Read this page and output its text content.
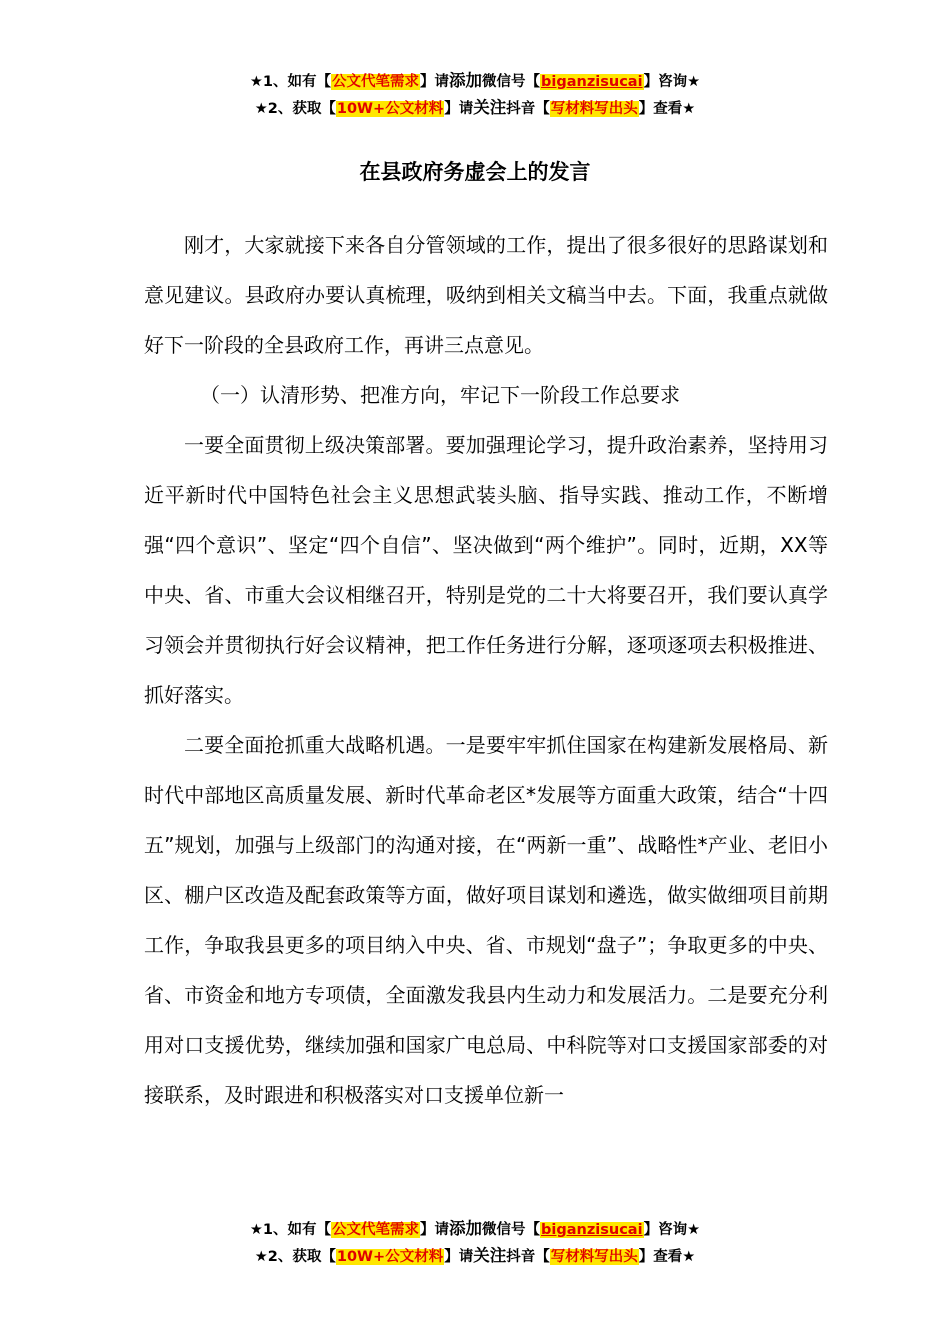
★1、如有【公文代笔需求】请添加微信号【biganzisucai】咨询★
★2、获取【10W+公文材料】请关注抖音【写材料写出头】查看★
在县政府务虚会上的发言

刚才，大家就接下来各自分管领域的工作，提出了很多很好的思路谋划和意见建议。县政府办要认真梳理，吸纳到相关文稿当中去。下面，我重点就做好下一阶段的全县政府工作，再讲三点意见。

（一）认清形势、把准方向，牢记下一阶段工作总要求

一要全面贯彻上级决策部署。要加强理论学习，提升政治素养，坚持用习近平新时代中国特色社会主义思想武装头脑、指导实践、推动工作，不断增强“四个意识”、坚定“四个自信”、坚决做到“两个维护”。同时，近期，XX等中央、省、市重大会议相继召开，特别是党的二十大将要召开，我们要认真学习领会并贯彻执行好会议精神，把工作任务进行分解，逐项逐项去积极推进、抓好落实。

二要全面抢抓重大战略机遇。一是要牢牢抓住国家在构建新发展格局、新时代中部地区高质量发展、新时代革命老区*发展等方面重大政策，结合“十四五”规划，加强与上级部门的沟通对接，在“两新一重”、战略性*产业、老旧小区、棚户区改造及配套政策等方面，做好项目谋划和遴选，做实做细项目前期工作，争取我县更多的项目纳入中央、省、市规划“盘子”；争取更多的中央、省、市资金和地方专项债，全面激发我县内生动力和发展活力。二是要充分利用对口支援优势，继续加强和国家广电总局、中科院等对口支援国家部委的对接联系，及时跟进和积极落实对口支援单位新一

★1、如有【公文代笔需求】请添加微信号【biganzisucai】咨询★
★2、获取【10W+公文材料】请关注抖音【写材料写出头】查看★
